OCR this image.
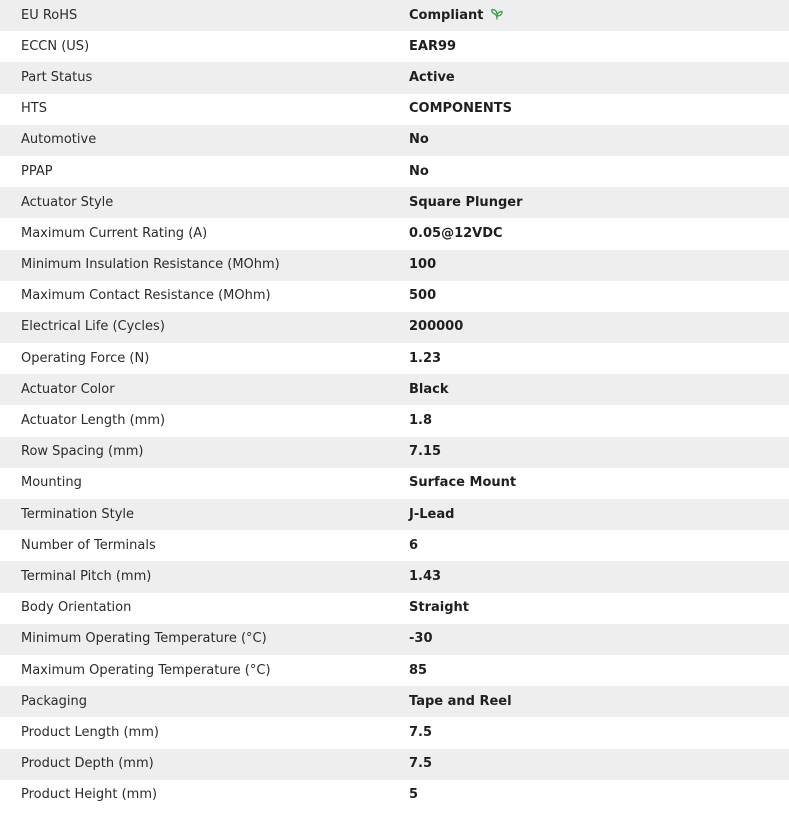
EU RoHS	Compliant
ECCN (US)	EAR99
Part Status	Active
HTS	COMPONENTS
Automotive	No
PPAP	No
Actuator Style	Square Plunger
Maximum Current Rating (A)	0.05@12VDC
Minimum Insulation Resistance (MOhm)	100
Maximum Contact Resistance (MOhm)	500
Electrical Life (Cycles)	200000
Operating Force (N)	1.23
Actuator Color	Black
Actuator Length (mm)	1.8
Row Spacing (mm)	7.15
Mounting	Surface Mount
Termination Style	J-Lead
Number of Terminals	6
Terminal Pitch (mm)	1.43
Body Orientation	Straight
Minimum Operating Temperature (°C)	-30
Maximum Operating Temperature (°C)	85
Packaging	Tape and Reel
Product Length (mm)	7.5
Product Depth (mm)	7.5
Product Height (mm)	5
